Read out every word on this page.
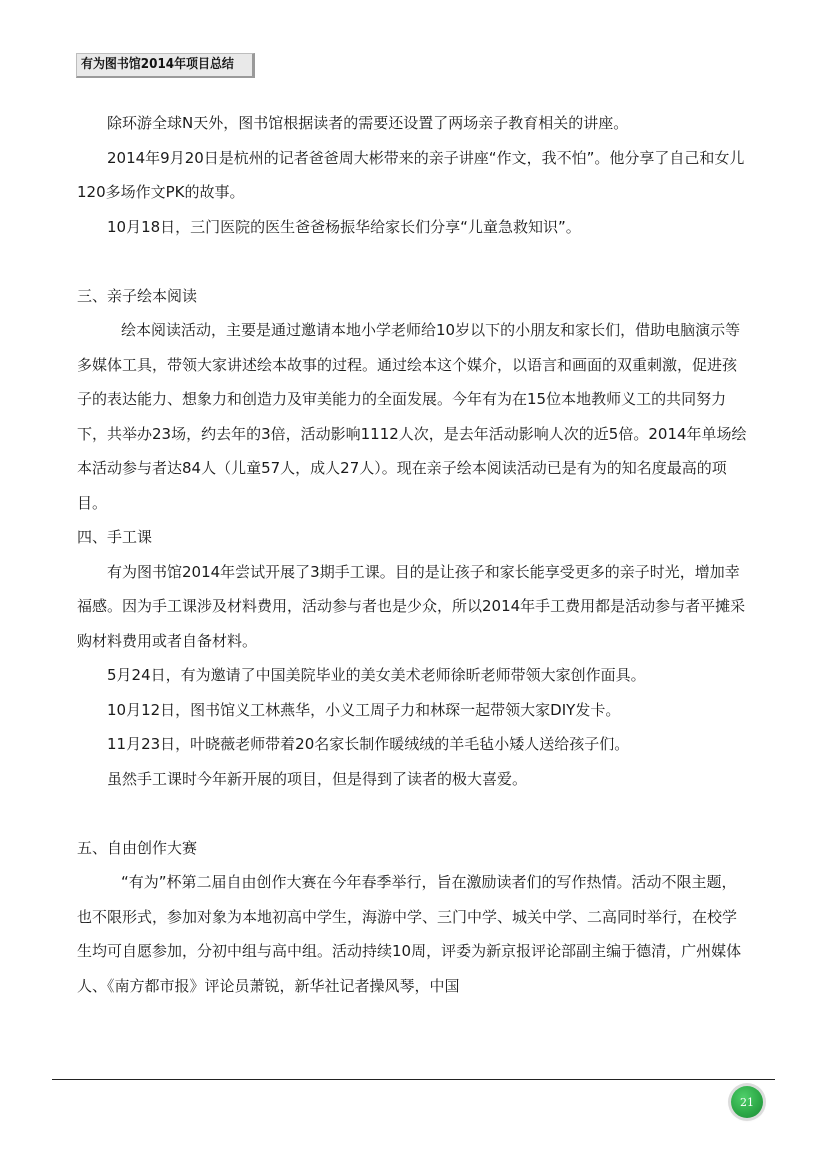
有为图书馆2014年项目总结

除环游全球N天外，图书馆根据读者的需要还设置了两场亲子教育相关的讲座。

2014年9月20日是杭州的记者爸爸周大彬带来的亲子讲座“作文，我不怕”。他分享了自己和女儿120多场作文PK的故事。

10月18日，三门医院的医生爸爸杨振华给家长们分享“儿童急救知识”。

三、亲子绘本阅读

绘本阅读活动，主要是通过邀请本地小学老师给10岁以下的小朋友和家长们，借助电脑演示等多媒体工具，带领大家讲述绘本故事的过程。通过绘本这个媒介，以语言和画面的双重刺激，促进孩子的表达能力、想象力和创造力及审美能力的全面发展。今年有为在15位本地教师义工的共同努力下，共举办23场，约去年的3倍，活动影响1112人次，是去年活动影响人次的近5倍。2014年单场绘本活动参与者达84人（儿童57人，成人27人）。现在亲子绘本阅读活动已是有为的知名度最高的项目。

四、手工课

有为图书馆2014年尝试开展了3期手工课。目的是让孩子和家长能享受更多的亲子时光，增加幸福感。因为手工课涉及材料费用，活动参与者也是少众，所以2014年手工费用都是活动参与者平摊采购材料费用或者自备材料。

5月24日，有为邀请了中国美院毕业的美女美术老师徐昕老师带领大家创作面具。

10月12日，图书馆义工林燕华，小义工周子力和林琛一起带领大家DIY发卡。

11月23日，叶晓薇老师带着20名家长制作暖绒绒的羊毛毡小矮人送给孩子们。

虽然手工课时今年新开展的项目，但是得到了读者的极大喜爱。

五、自由创作大赛

“有为”杯第二届自由创作大赛在今年春季举行，旨在激励读者们的写作热情。活动不限主题，也不限形式，参加对象为本地初高中学生，海游中学、三门中学、城关中学、二高同时举行，在校学生均可自愿参加，分初中组与高中组。活动持续10周，评委为新京报评论部副主编于德清，广州媒体人、《南方都市报》评论员萧锐，新华社记者操风琴，中国

21
